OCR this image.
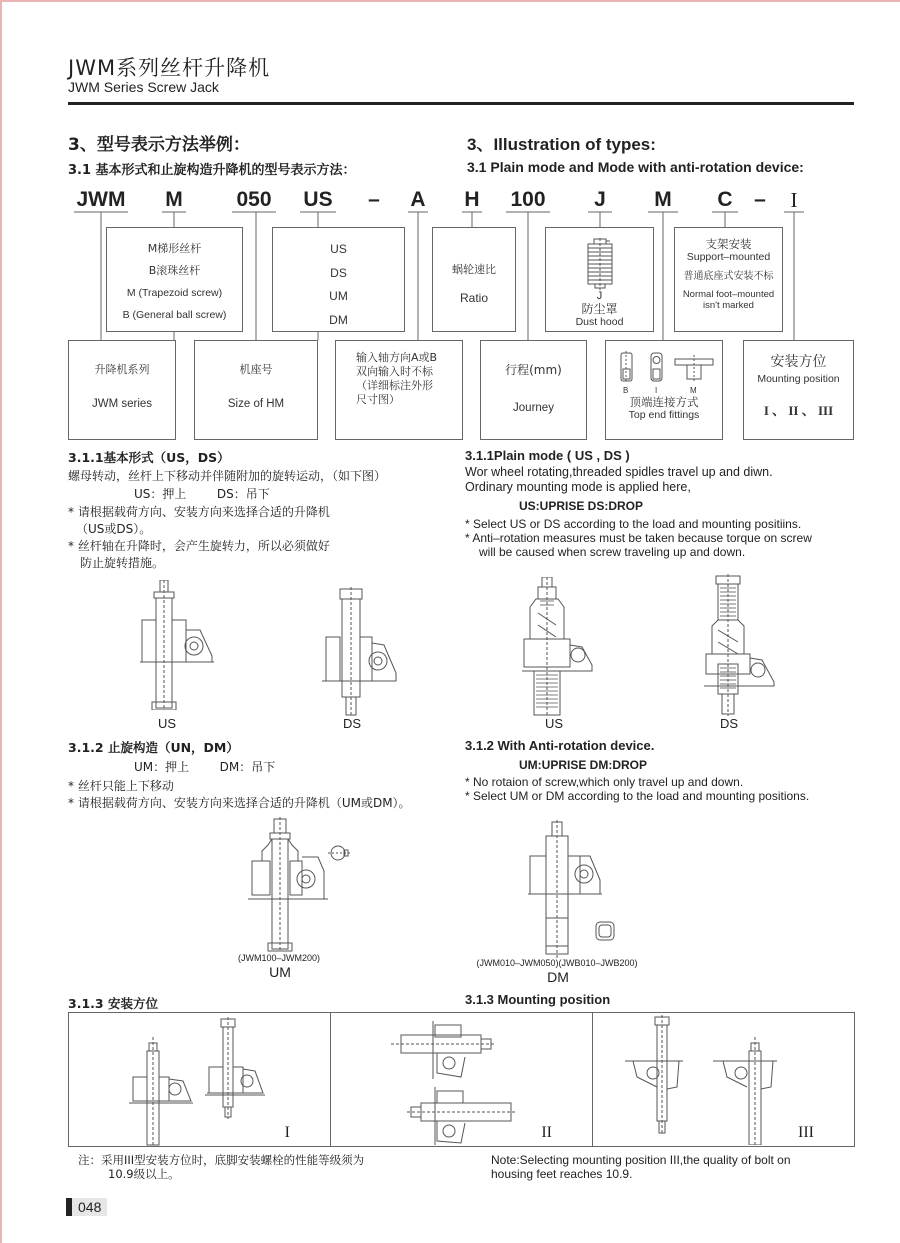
JWM系列丝杆升降机
JWM Series Screw Jack
3、型号表示方法举例：
3.1 基本形式和止旋构造升降机的型号表示方法：
3、Illustration of types:
3.1 Plain mode and Mode with anti-rotation device:
JWM M	050 US – A H 100 J M C –	I
M梯形丝杆
B滚珠丝杆
M (Trapezoid screw)
B (General ball screw)
US
DS
UM
DM
蜗轮速比
Ratio	J
防尘罩
Dust hood
支架安装
Support–mounted
普通底座式安装不标
Normal foot–mounted
isn't marked
升降机系列
JWM series
机座号
Size of HM
输入轴方向A或B
双向输入时不标
（详细标注外形
尺寸图）
行程(mm)
Journey
B	I	M
顶端连接方式
Top end fittings
安装方位
Mounting position
I 、 II 、 III
3.1.1基本形式（US，DS）
螺母转动，丝杆上下移动并伴随附加的旋转运动，（如下图）
US：押上        DS：吊下
* 请根据载荷方向、安装方向来选择合适的升降机
（US或DS）。
* 丝杆轴在升降时，会产生旋转力，所以必须做好
防止旋转措施。
3.1.1Plain mode ( US , DS )
Wor wheel rotating,threaded spidles travel up and diwn.
Ordinary mounting mode is applied here,
US:UPRISE DS:DROP
* Select US or DS according to the load and mounting positiins.
* Anti–rotation measures must be taken because torque on screw
will be caused when screw traveling up and down.
US	DS	US	DS
3.1.2 止旋构造（UN，DM）
UM：押上        DM：吊下
* 丝杆只能上下移动
* 请根据载荷方向、安装方向来选择合适的升降机（UM或DM）。
3.1.2 With Anti-rotation device.
UM:UPRISE DM:DROP
* No rotaion of screw,which only travel up and down.
* Select UM or DM according to the load and mounting positions.
(JWM100–JWM200)
UM
(JWM010–JWM050)(JWB010–JWB200)
DM
3.1.3 安装方位	3.1.3 Mounting position
I	II	III
注：采用III型安装方位时，底脚安装螺栓的性能等级须为
10.9级以上。
Note:Selecting mounting position III,the quality of bolt on
housing feet reaches 10.9.
048
